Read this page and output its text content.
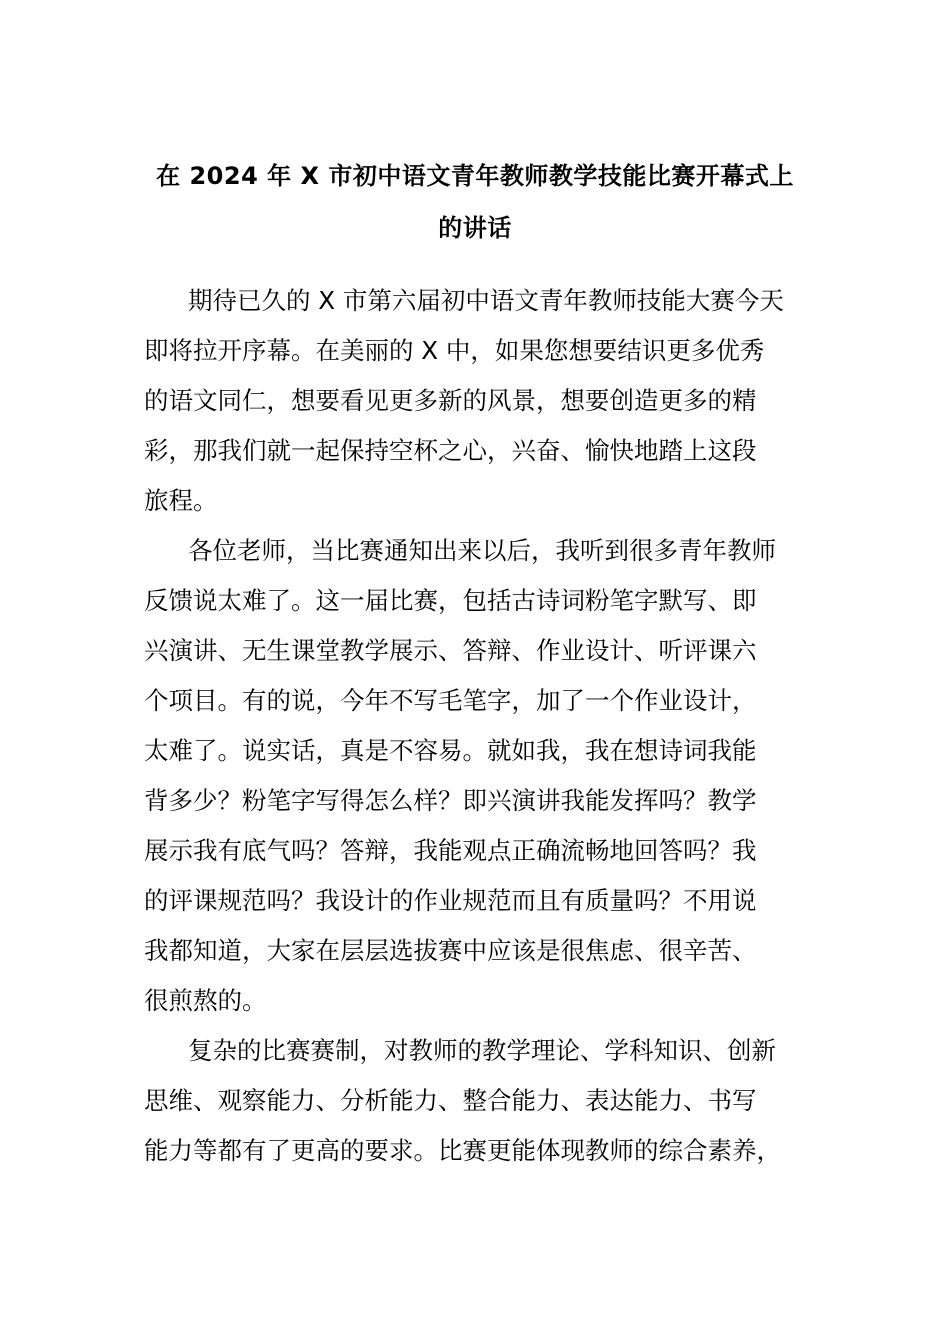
在 2024 年 X 市初中语文青年教师教学技能比赛开幕式上
的讲话

期待已久的 X 市第六届初中语文青年教师技能大赛今天
即将拉开序幕。在美丽的 X 中，如果您想要结识更多优秀
的语文同仁，想要看见更多新的风景，想要创造更多的精
彩，那我们就一起保持空杯之心，兴奋、愉快地踏上这段
旅程。

各位老师，当比赛通知出来以后，我听到很多青年教师
反馈说太难了。这一届比赛，包括古诗词粉笔字默写、即
兴演讲、无生课堂教学展示、答辩、作业设计、听评课六
个项目。有的说，今年不写毛笔字，加了一个作业设计，
太难了。说实话，真是不容易。就如我，我在想诗词我能
背多少？粉笔字写得怎么样？即兴演讲我能发挥吗？教学
展示我有底气吗？答辩，我能观点正确流畅地回答吗？我
的评课规范吗？我设计的作业规范而且有质量吗？不用说
我都知道，大家在层层选拔赛中应该是很焦虑、很辛苦、
很煎熬的。

复杂的比赛赛制，对教师的教学理论、学科知识、创新
思维、观察能力、分析能力、整合能力、表达能力、书写
能力等都有了更高的要求。比赛更能体现教师的综合素养，
